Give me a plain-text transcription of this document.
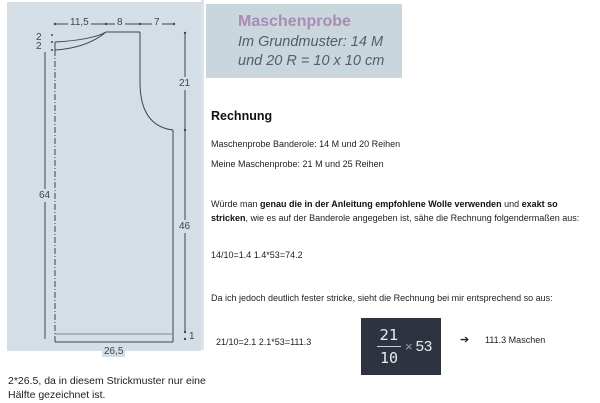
11,5	8	7
2
2
21
64
46
1
26,5
2*26.5, da in diesem Strickmuster nur eine Hälfte gezeichnet ist.
Maschenprobe
Im Grundmuster: 14 M
und 20 R = 10 x 10 cm
Rechnung
Maschenprobe Banderole: 14 M und 20 Reihen
Meine Maschenprobe: 21 M und 25 Reihen
Würde man genau die in der Anleitung empfohlene Wolle verwenden und exakt so stricken, wie es auf der Banderole angegeben ist, sähe die Rechnung folgendermaßen aus:
14/10=1.4 1.4*53=74.2
Da ich jedoch deutlich fester stricke, sieht die Rechnung bei mir entsprechend so aus:
21/10=2.1 2.1*53=111.3	21
10
× 53	➔ 111.3 Maschen
